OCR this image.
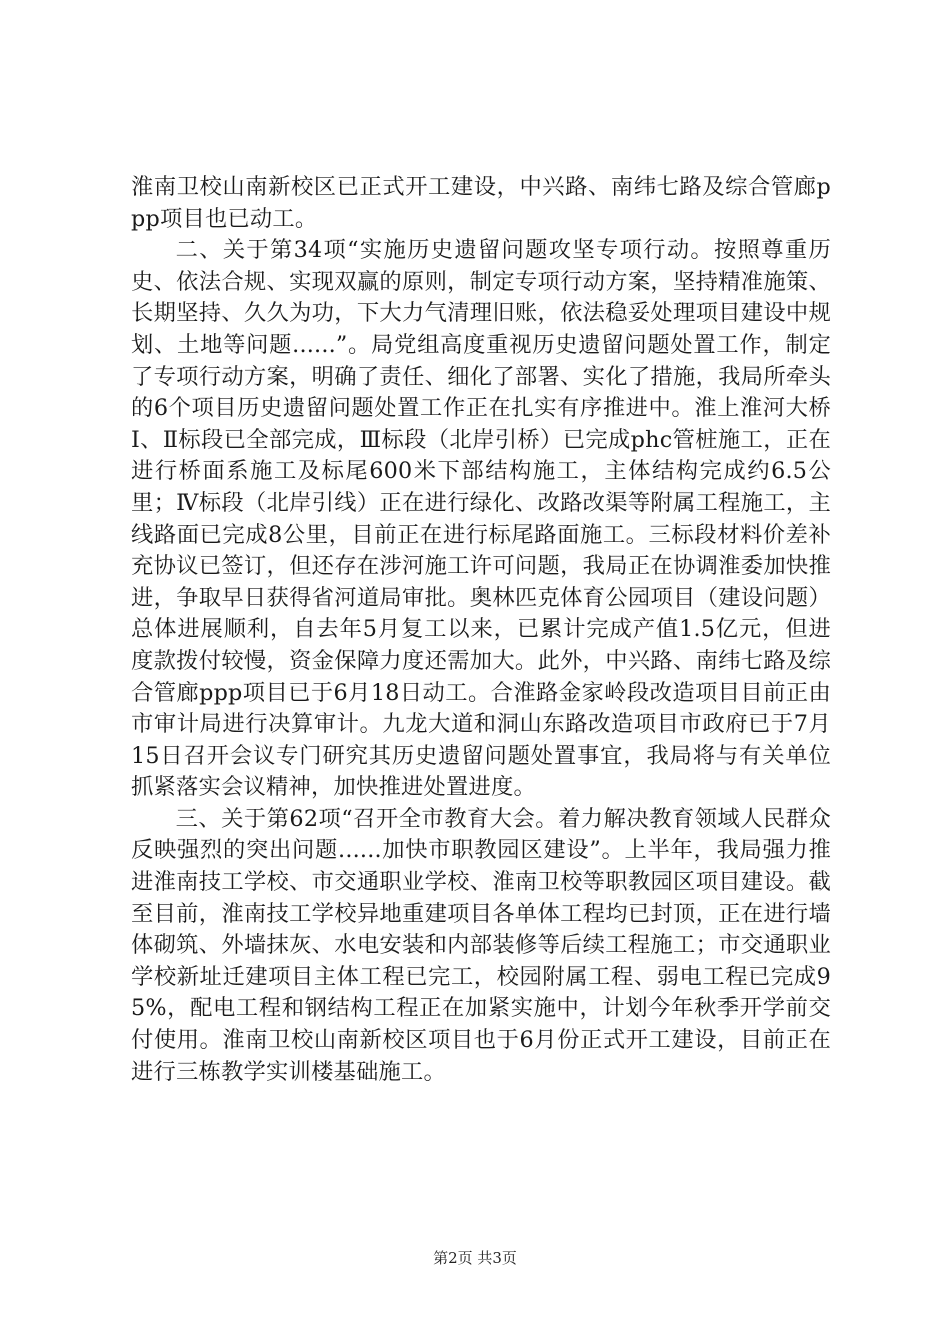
淮南卫校山南新校区已正式开工建设，中兴路、南纬七路及综合管廊ppp项目也已动工。

二、关于第34项“实施历史遗留问题攻坚专项行动。按照尊重历史、依法合规、实现双赢的原则，制定专项行动方案，坚持精准施策、长期坚持、久久为功，下大力气清理旧账，依法稳妥处理项目建设中规划、土地等问题......”。局党组高度重视历史遗留问题处置工作，制定了专项行动方案，明确了责任、细化了部署、实化了措施，我局所牵头的6个项目历史遗留问题处置工作正在扎实有序推进中。淮上淮河大桥Ⅰ、Ⅱ标段已全部完成，Ⅲ标段（北岸引桥）已完成phc管桩施工，正在进行桥面系施工及标尾600米下部结构施工，主体结构完成约6.5公里；Ⅳ标段（北岸引线）正在进行绿化、改路改渠等附属工程施工，主线路面已完成8公里，目前正在进行标尾路面施工。三标段材料价差补充协议已签订，但还存在涉河施工许可问题，我局正在协调淮委加快推进，争取早日获得省河道局审批。奥林匹克体育公园项目（建设问题）总体进展顺利，自去年5月复工以来，已累计完成产值1.5亿元，但进度款拨付较慢，资金保障力度还需加大。此外，中兴路、南纬七路及综合管廊ppp项目已于6月18日动工。合淮路金家岭段改造项目目前正由市审计局进行决算审计。九龙大道和洞山东路改造项目市政府已于7月15日召开会议专门研究其历史遗留问题处置事宜，我局将与有关单位抓紧落实会议精神，加快推进处置进度。

三、关于第62项“召开全市教育大会。着力解决教育领域人民群众反映强烈的突出问题......加快市职教园区建设”。上半年，我局强力推进淮南技工学校、市交通职业学校、淮南卫校等职教园区项目建设。截至目前，淮南技工学校异地重建项目各单体工程均已封顶，正在进行墙体砌筑、外墙抹灰、水电安装和内部装修等后续工程施工；市交通职业学校新址迁建项目主体工程已完工，校园附属工程、弱电工程已完成95%，配电工程和钢结构工程正在加紧实施中，计划今年秋季开学前交付使用。淮南卫校山南新校区项目也于6月份正式开工建设，目前正在进行三栋教学实训楼基础施工。

第2页 共3页
